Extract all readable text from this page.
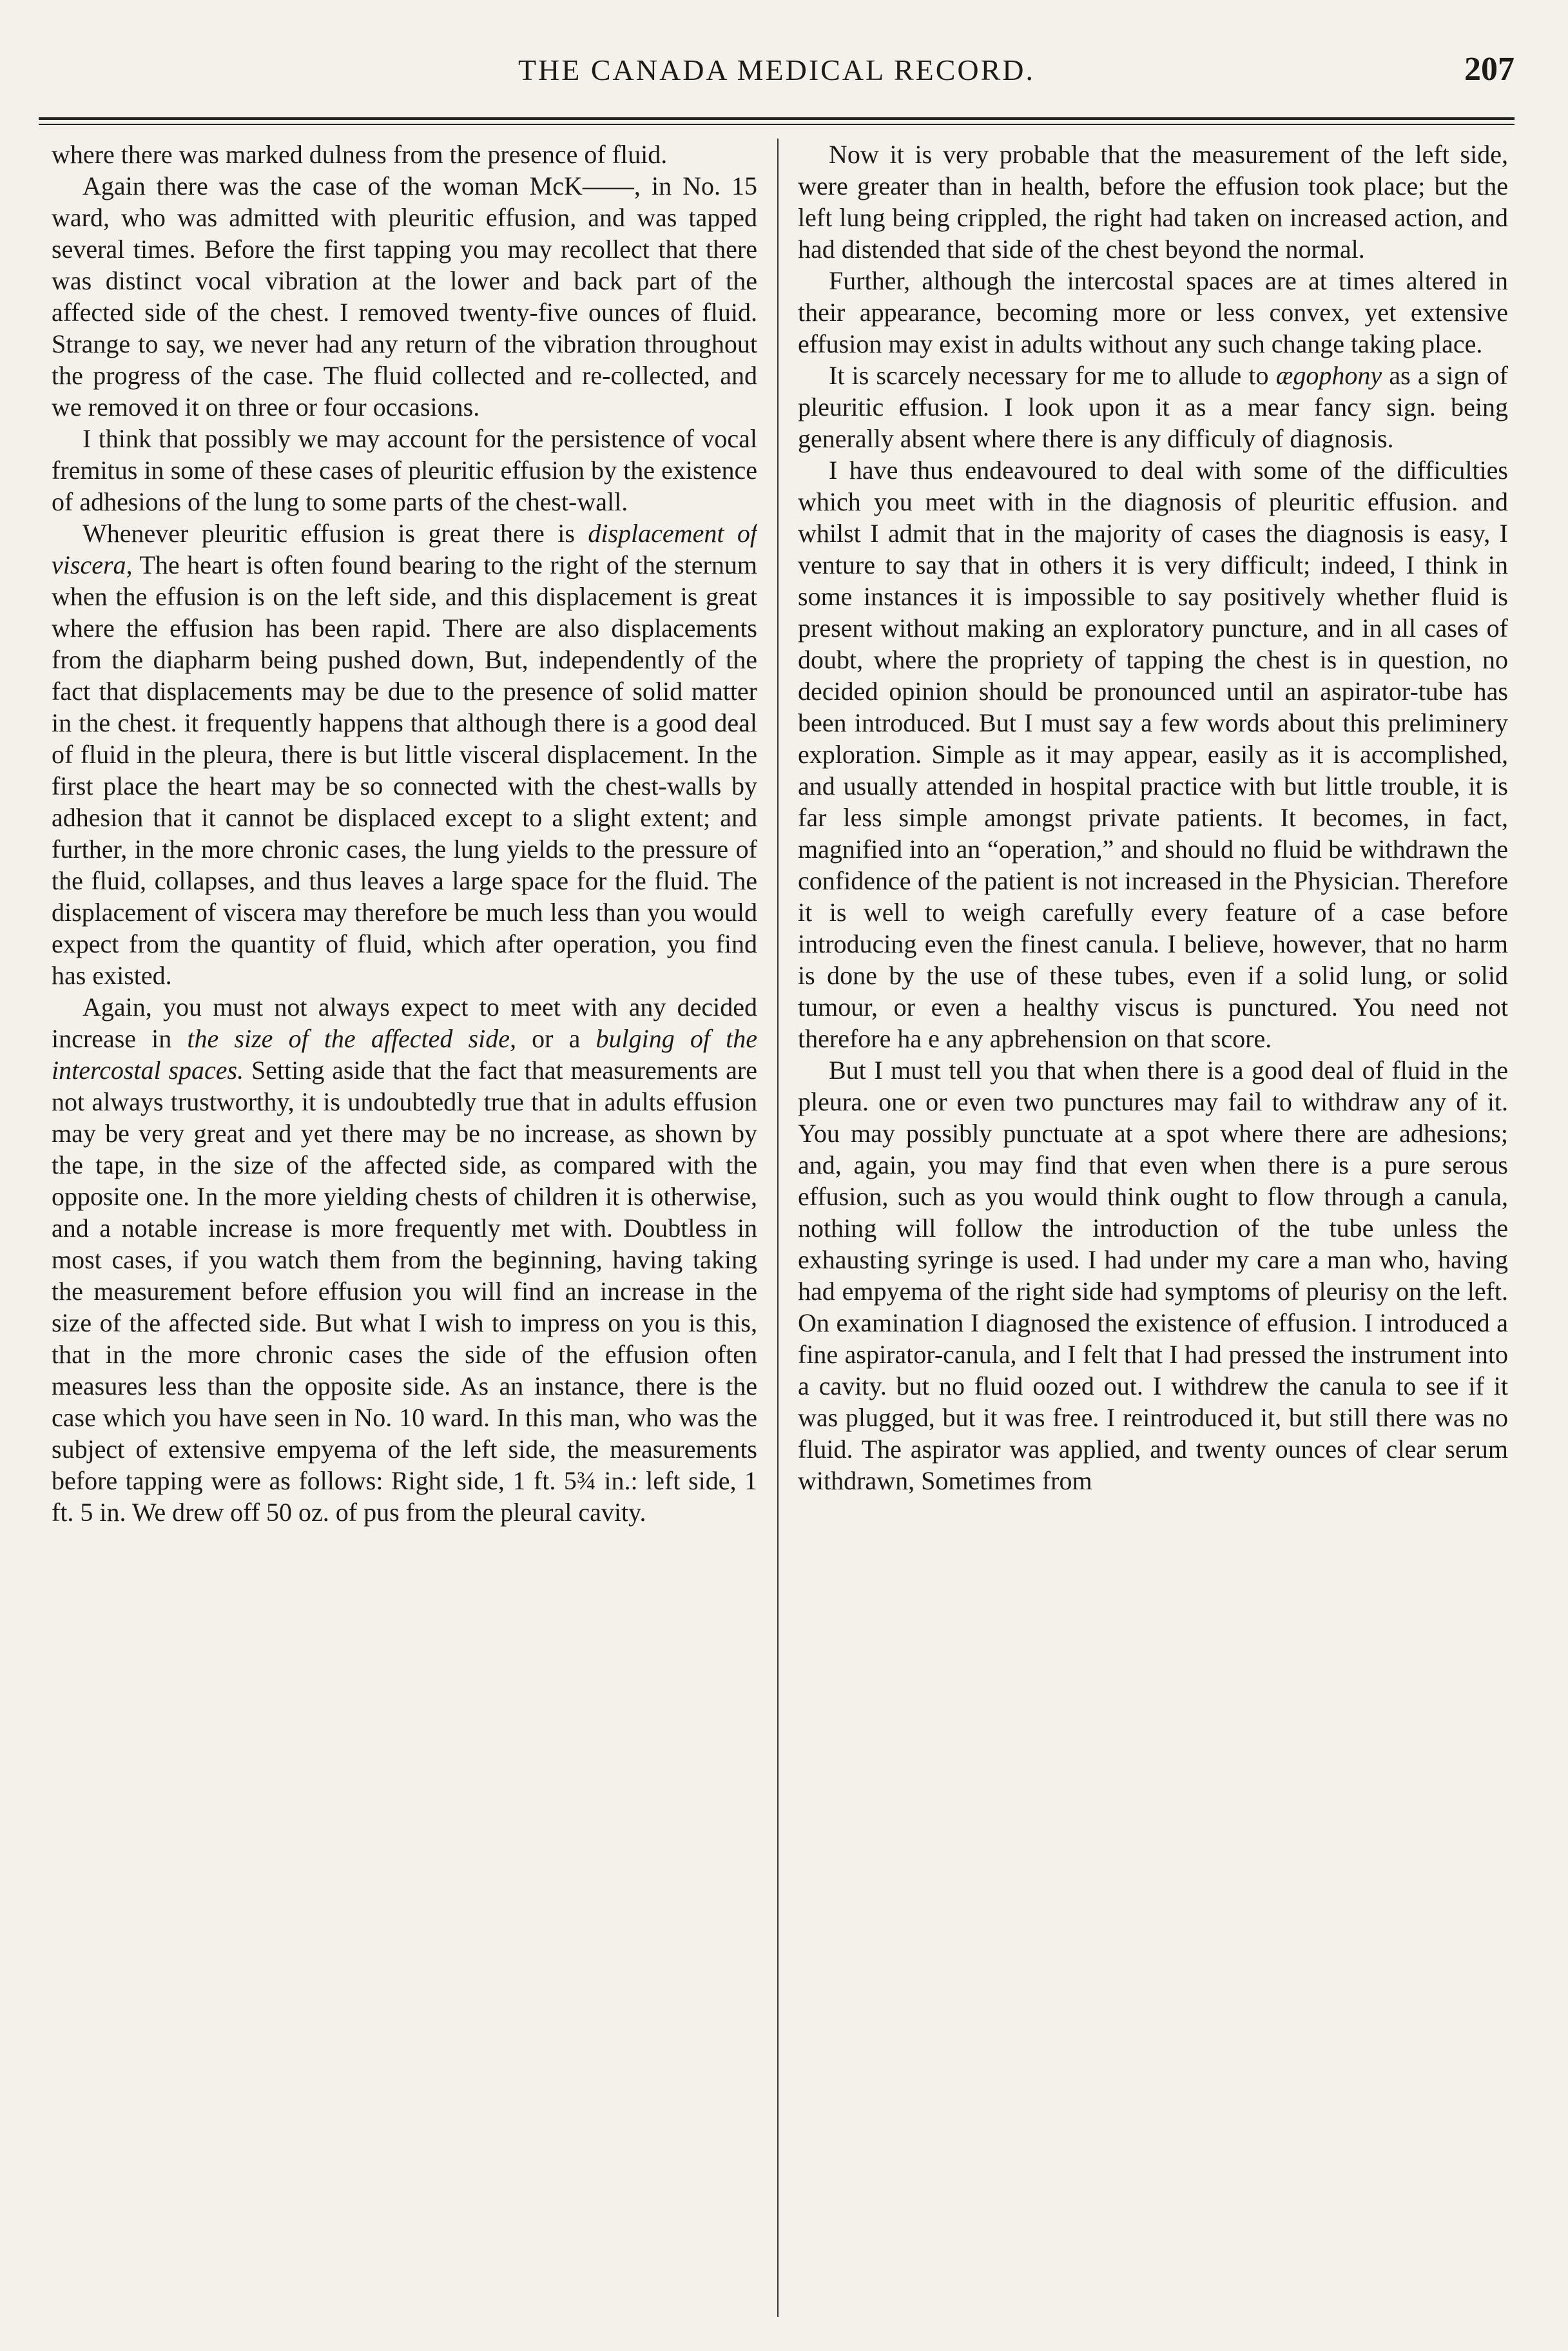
THE CANADA MEDICAL RECORD.	207

where there was marked dulness from the presence of fluid.

Again there was the case of the woman McK——, in No. 15 ward, who was admitted with pleuritic effusion, and was tapped several times. Before the first tapping you may recollect that there was distinct vocal vibration at the lower and back part of the affected side of the chest. I removed twenty-five ounces of fluid. Strange to say, we never had any return of the vibration throughout the progress of the case. The fluid collected and re-collected, and we removed it on three or four occasions.

I think that possibly we may account for the persistence of vocal fremitus in some of these cases of pleuritic effusion by the existence of adhesions of the lung to some parts of the chest-wall.

Whenever pleuritic effusion is great there is displacement of viscera, The heart is often found bearing to the right of the sternum when the effusion is on the left side, and this displacement is great where the effusion has been rapid. There are also displacements from the diapharm being pushed down, But, independently of the fact that displacements may be due to the presence of solid matter in the chest. it frequently happens that although there is a good deal of fluid in the pleura, there is but little visceral displacement. In the first place the heart may be so connected with the chest-walls by adhesion that it cannot be displaced except to a slight extent; and further, in the more chronic cases, the lung yields to the pressure of the fluid, collapses, and thus leaves a large space for the fluid. The displacement of viscera may therefore be much less than you would expect from the quantity of fluid, which after operation, you find has existed.

Again, you must not always expect to meet with any decided increase in the size of the affected side, or a bulging of the intercostal spaces. Setting aside that the fact that measurements are not always trustworthy, it is undoubtedly true that in adults effusion may be very great and yet there may be no increase, as shown by the tape, in the size of the affected side, as compared with the opposite one. In the more yielding chests of children it is otherwise, and a notable increase is more frequently met with. Doubtless in most cases, if you watch them from the beginning, having taking the measurement before effusion you will find an increase in the size of the affected side. But what I wish to impress on you is this, that in the more chronic cases the side of the effusion often measures less than the opposite side. As an instance, there is the case which you have seen in No. 10 ward. In this man, who was the subject of extensive empyema of the left side, the measurements before tapping were as follows: Right side, 1 ft. 5¾ in.: left side, 1 ft. 5 in. We drew off 50 oz. of pus from the pleural cavity.

Now it is very probable that the measurement of the left side, were greater than in health, before the effusion took place; but the left lung being crippled, the right had taken on increased action, and had distended that side of the chest beyond the normal.

Further, although the intercostal spaces are at times altered in their appearance, becoming more or less convex, yet extensive effusion may exist in adults without any such change taking place.

It is scarcely necessary for me to allude to ægophony as a sign of pleuritic effusion. I look upon it as a mear fancy sign. being generally absent where there is any difficuly of diagnosis.

I have thus endeavoured to deal with some of the difficulties which you meet with in the diagnosis of pleuritic effusion. and whilst I admit that in the majority of cases the diagnosis is easy, I venture to say that in others it is very difficult; indeed, I think in some instances it is impossible to say positively whether fluid is present without making an exploratory puncture, and in all cases of doubt, where the propriety of tapping the chest is in question, no decided opinion should be pronounced until an aspirator-tube has been introduced. But I must say a few words about this preliminery exploration. Simple as it may appear, easily as it is accomplished, and usually attended in hospital practice with but little trouble, it is far less simple amongst private patients. It becomes, in fact, magnified into an “operation,” and should no fluid be withdrawn the confidence of the patient is not increased in the Physician. Therefore it is well to weigh carefully every feature of a case before introducing even the finest canula. I believe, however, that no harm is done by the use of these tubes, even if a solid lung, or solid tumour, or even a healthy viscus is punctured. You need not therefore ha e any apbrehension on that score.

But I must tell you that when there is a good deal of fluid in the pleura. one or even two punctures may fail to withdraw any of it. You may possibly punctuate at a spot where there are adhesions; and, again, you may find that even when there is a pure serous effusion, such as you would think ought to flow through a canula, nothing will follow the introduction of the tube unless the exhausting syringe is used. I had under my care a man who, having had empyema of the right side had symptoms of pleurisy on the left. On examination I diagnosed the existence of effusion. I introduced a fine aspirator-canula, and I felt that I had pressed the instrument into a cavity. but no fluid oozed out. I withdrew the canula to see if it was plugged, but it was free. I reintroduced it, but still there was no fluid. The aspirator was applied, and twenty ounces of clear serum withdrawn, Sometimes from
